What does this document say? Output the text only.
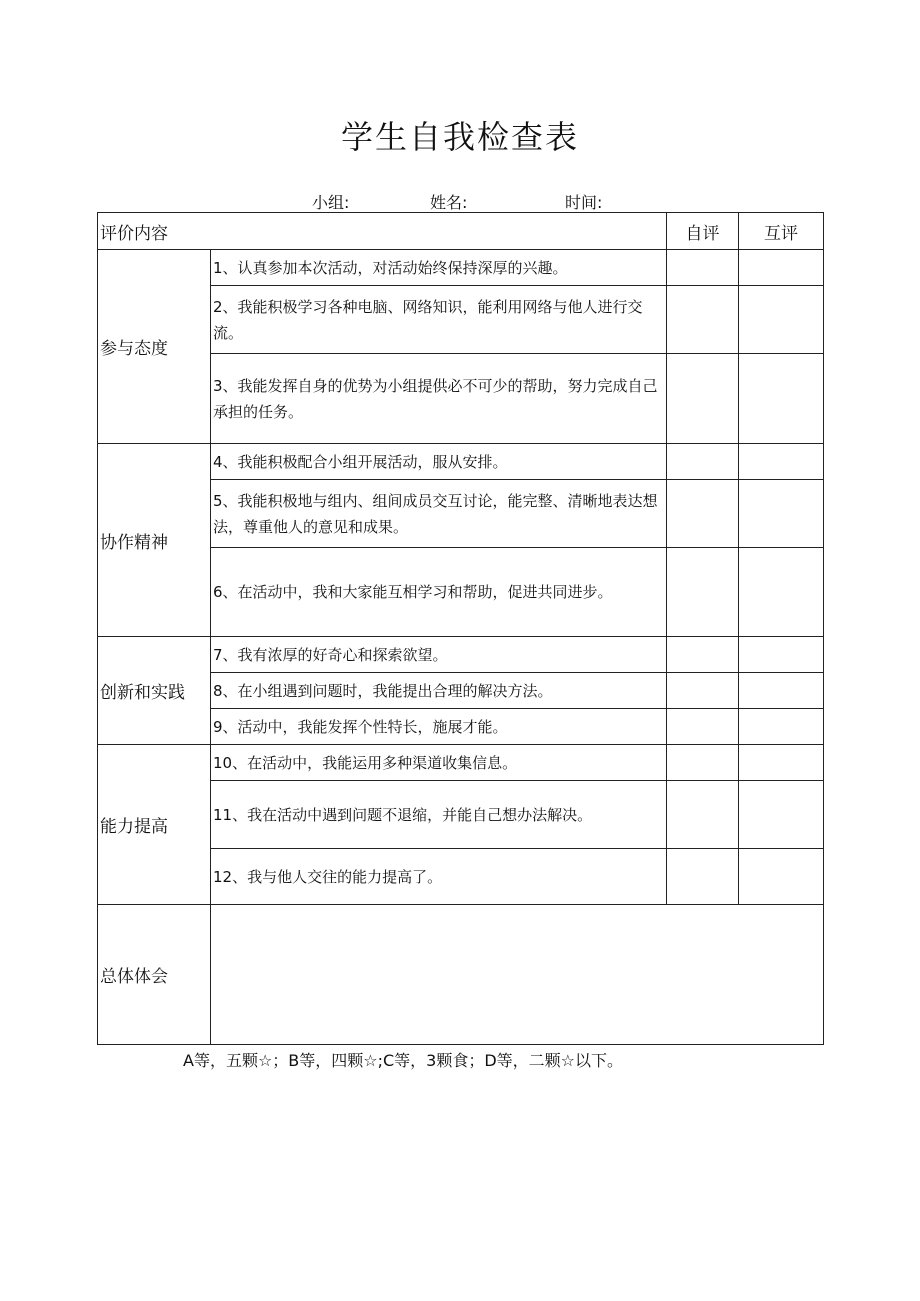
学生自我检查表
小组:	姓名:	时间:
评价内容		自评	互评
参与态度	1、认真参加本次活动，对活动始终保持深厚的兴趣。		
	2、我能积极学习各种电脑、网络知识，能利用网络与他人进行交流。		
	3、我能发挥自身的优势为小组提供必不可少的帮助，努力完成自己承担的任务。		
协作精神	4、我能积极配合小组开展活动，服从安排。		
	5、我能积极地与组内、组间成员交互讨论，能完整、清晰地表达想法，尊重他人的意见和成果。		
	6、在活动中，我和大家能互相学习和帮助，促进共同进步。		
创新和实践	7、我有浓厚的好奇心和探索欲望。		
	8、在小组遇到问题时，我能提出合理的解决方法。		
	9、活动中，我能发挥个性特长，施展才能。		
能力提高	10、在活动中，我能运用多种渠道收集信息。		
	11、我在活动中遇到问题不退缩，并能自己想办法解决。		
	12、我与他人交往的能力提高了。		
总体体会			
A等，五颗☆；B等，四颗☆;C等，3颗食；D等，二颗☆以下。
